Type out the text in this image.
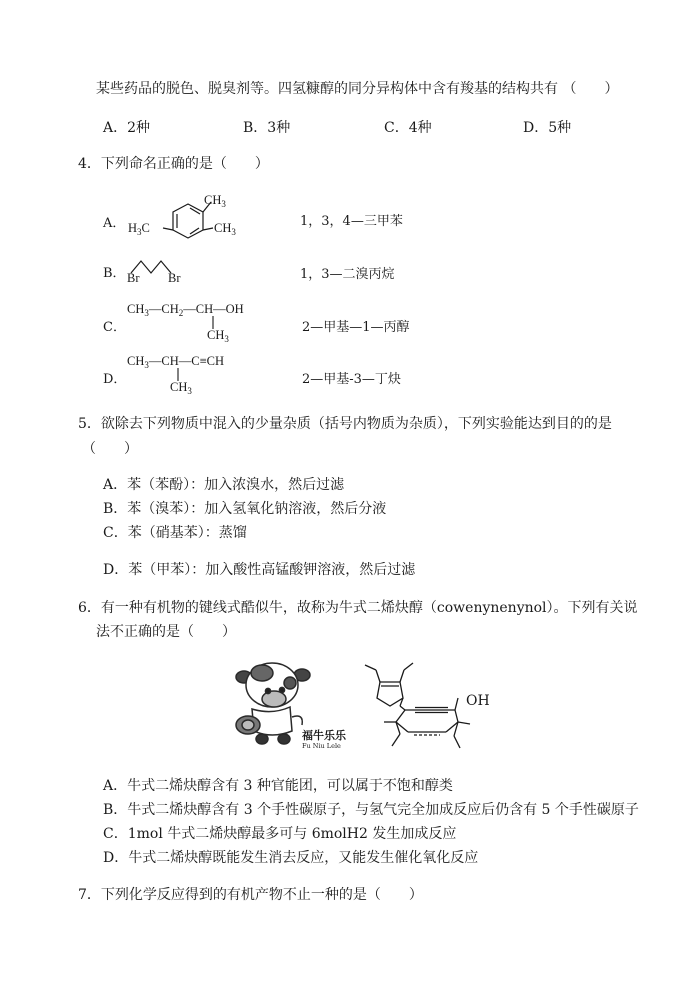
某些药品的脱色、脱臭剂等。四氢糠醇的同分异构体中含有羧基的结构共有 （　　）
A．2种	B．3种	C．4种	D．5种
4．下列命名正确的是（　　）
A．
$CH_3$
$H_3C$	$CH_3$
1，3，4—三甲苯
B． Br Br	1，3—二溴丙烷
C．
$CH_3—CH_2—CH—OH$
$CH_3$
2—甲基—1—丙醇
D．
$CH_3—CH—C\equiv CH$
$CH_3$
2—甲基-3—丁炔
5．欲除去下列物质中混入的少量杂质（括号内物质为杂质），下列实验能达到目的的是
（　　）
A．苯（苯酚）：加入浓溴水，然后过滤
B．苯（溴苯）：加入氢氧化钠溶液，然后分液
C．苯（硝基苯）：蒸馏
D．苯（甲苯）：加入酸性高锰酸钾溶液，然后过滤
6．有一种有机物的键线式酷似牛，故称为牛式二烯炔醇（cowenynenynol）。下列有关说
法不正确的是（　　）
福牛乐乐
Fu Niu Lele
OH
A．牛式二烯炔醇含有 3 种官能团，可以属于不饱和醇类
B．牛式二烯炔醇含有 3 个手性碳原子，与氢气完全加成反应后仍含有 5 个手性碳原子
C．1mol 牛式二烯炔醇最多可与 6molH2 发生加成反应
D．牛式二烯炔醇既能发生消去反应，又能发生催化氧化反应
7．下列化学反应得到的有机产物不止一种的是（　　）
